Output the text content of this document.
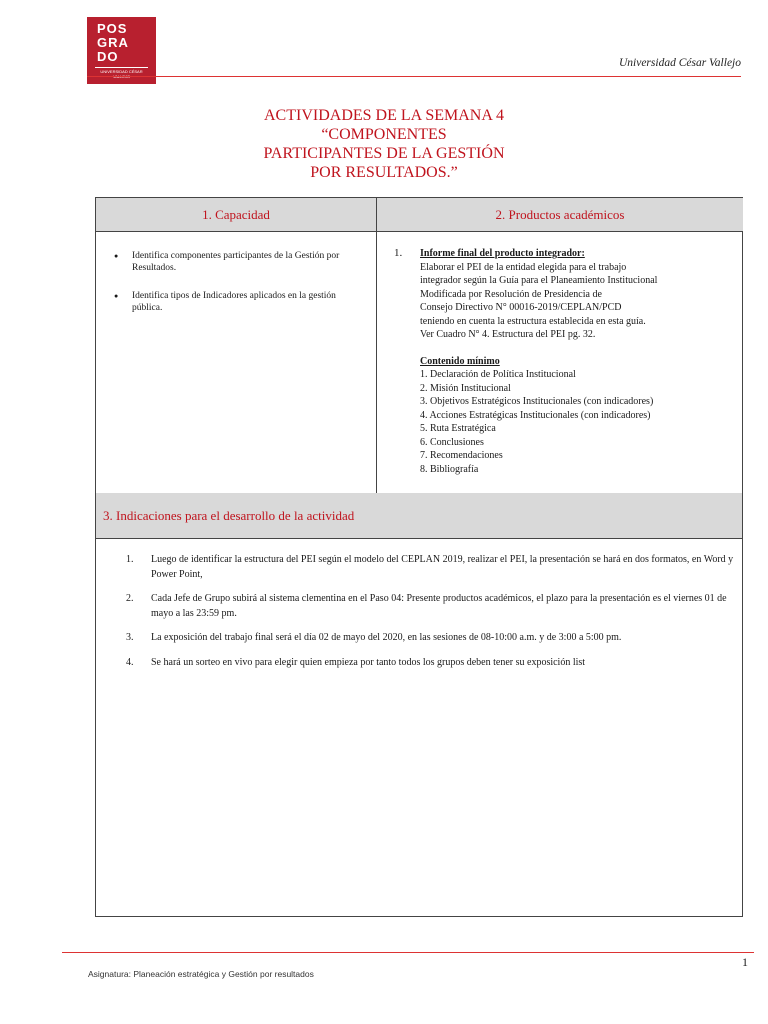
POS
GRA
DO
UNIVERSIDAD CÉSAR VALLEJO
Universidad César Vallejo
ACTIVIDADES DE LA SEMANA 4
“COMPONENTES
PARTICIPANTES DE LA GESTIÓN
POR RESULTADOS.”
1. Capacidad	2. Productos académicos
● Identifica componentes participantes de la Gestión por Resultados.
● Identifica tipos de Indicadores aplicados en la gestión pública.
1.	Informe final del producto integrador:
Elaborar el PEI de la entidad elegida para el trabajo
integrador según la Guía para el Planeamiento Institucional
Modificada por Resolución de Presidencia de
Consejo Directivo N° 00016-2019/CEPLAN/PCD
teniendo en cuenta la estructura establecida en esta guía.
Ver Cuadro N° 4. Estructura del PEI pg. 32.
Contenido mínimo
1. Declaración de Política Institucional
2. Misión Institucional
3. Objetivos Estratégicos Institucionales (con indicadores)
4. Acciones Estratégicas Institucionales (con indicadores)
5. Ruta Estratégica
6. Conclusiones
7. Recomendaciones
8. Bibliografía
3. Indicaciones para el desarrollo de la actividad
1. Luego de identificar la estructura del PEI según el modelo del CEPLAN 2019, realizar el PEI, la presentación se hará en dos formatos, en Word y Power Point,
2. Cada Jefe de Grupo subirá al sistema clementina en el Paso 04: Presente productos académicos, el plazo para la presentación es el viernes 01 de mayo a las 23:59 pm.
3. La exposición del trabajo final será el día 02 de mayo del 2020, en las sesiones de 08-10:00 a.m. y de 3:00 a 5:00 pm.
4. Se hará un sorteo en vivo para elegir quien empieza por tanto todos los grupos deben tener su exposición list
1
Asignatura: Planeación estratégica y Gestión por resultados
